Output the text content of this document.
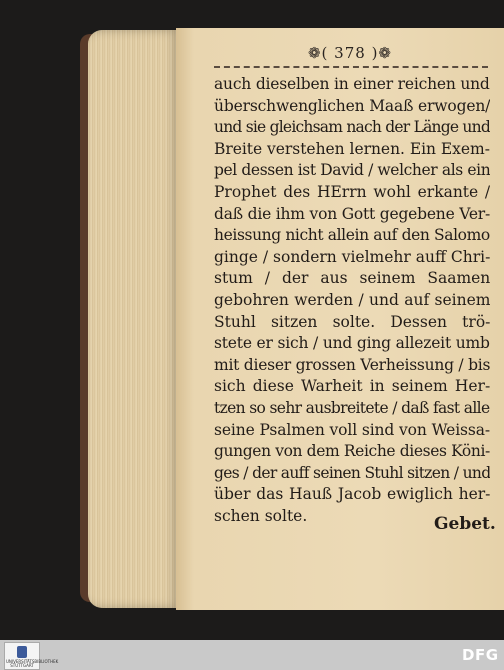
❁( 378 )❁
auch dieselben in einer reichen und
überschwenglichen Maaß erwogen/
und sie gleichsam nach der Länge und
Breite verstehen lernen. Ein Exem-
pel dessen ist David / welcher als ein
Prophet des HErrn wohl erkante /
daß die ihm von Gott gegebene Ver-
heissung nicht allein auf den Salomo
ginge / sondern vielmehr auff Chri-
stum / der aus seinem Saamen
gebohren werden / und auf seinem
Stuhl sitzen solte. Dessen trö-
stete er sich / und ging allezeit umb
mit dieser grossen Verheissung / bis
sich diese Warheit in seinem Her-
tzen so sehr ausbreitete / daß fast alle
seine Psalmen voll sind von Weissa-
gungen von dem Reiche dieses Köni-
ges / der auff seinen Stuhl sitzen / und
über das Hauß Jacob ewiglich her-
schen solte.	Gebet.
UNIVERSITÄTSBIBLIOTHEK
STUTTGART
DFG
